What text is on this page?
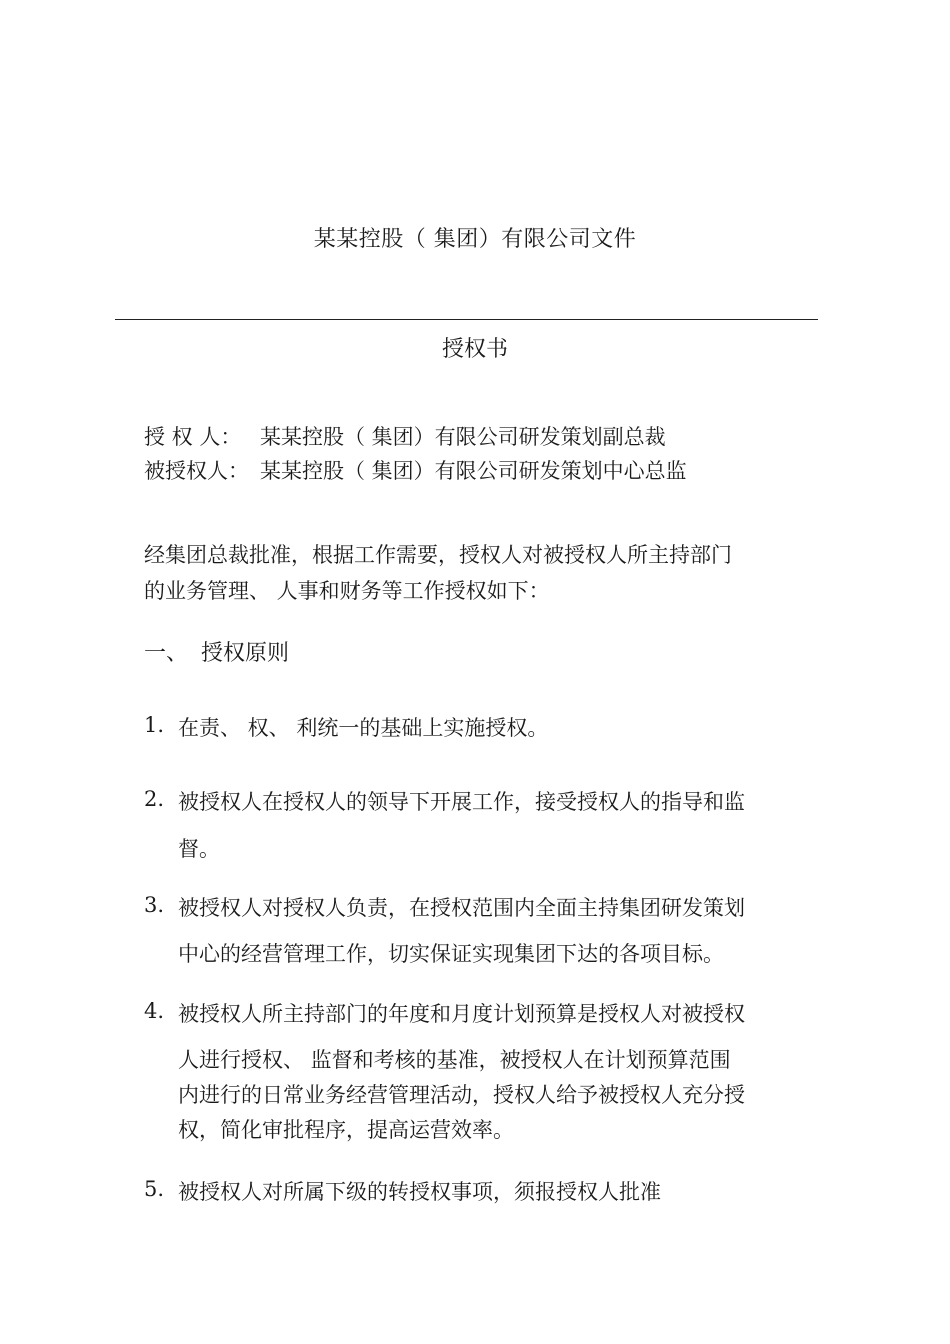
某某控股（ 集团）有限公司文件
授权书
授 权 人： 某某控股（ 集团）有限公司研发策划副总裁
被授权人： 某某控股（ 集团）有限公司研发策划中心总监
经集团总裁批准，根据工作需要，授权人对被授权人所主持部门
的业务管理、 人事和财务等工作授权如下：
一、 授权原则
1. 在责、 权、 利统一的基础上实施授权。
2. 被授权人在授权人的领导下开展工作，接受授权人的指导和监
督。
3. 被授权人对授权人负责，在授权范围内全面主持集团研发策划
中心的经营管理工作，切实保证实现集团下达的各项目标。
4. 被授权人所主持部门的年度和月度计划预算是授权人对被授权
人进行授权、 监督和考核的基准，被授权人在计划预算范围
内进行的日常业务经营管理活动，授权人给予被授权人充分授
权，简化审批程序，提高运营效率。
5. 被授权人对所属下级的转授权事项，须报授权人批准
